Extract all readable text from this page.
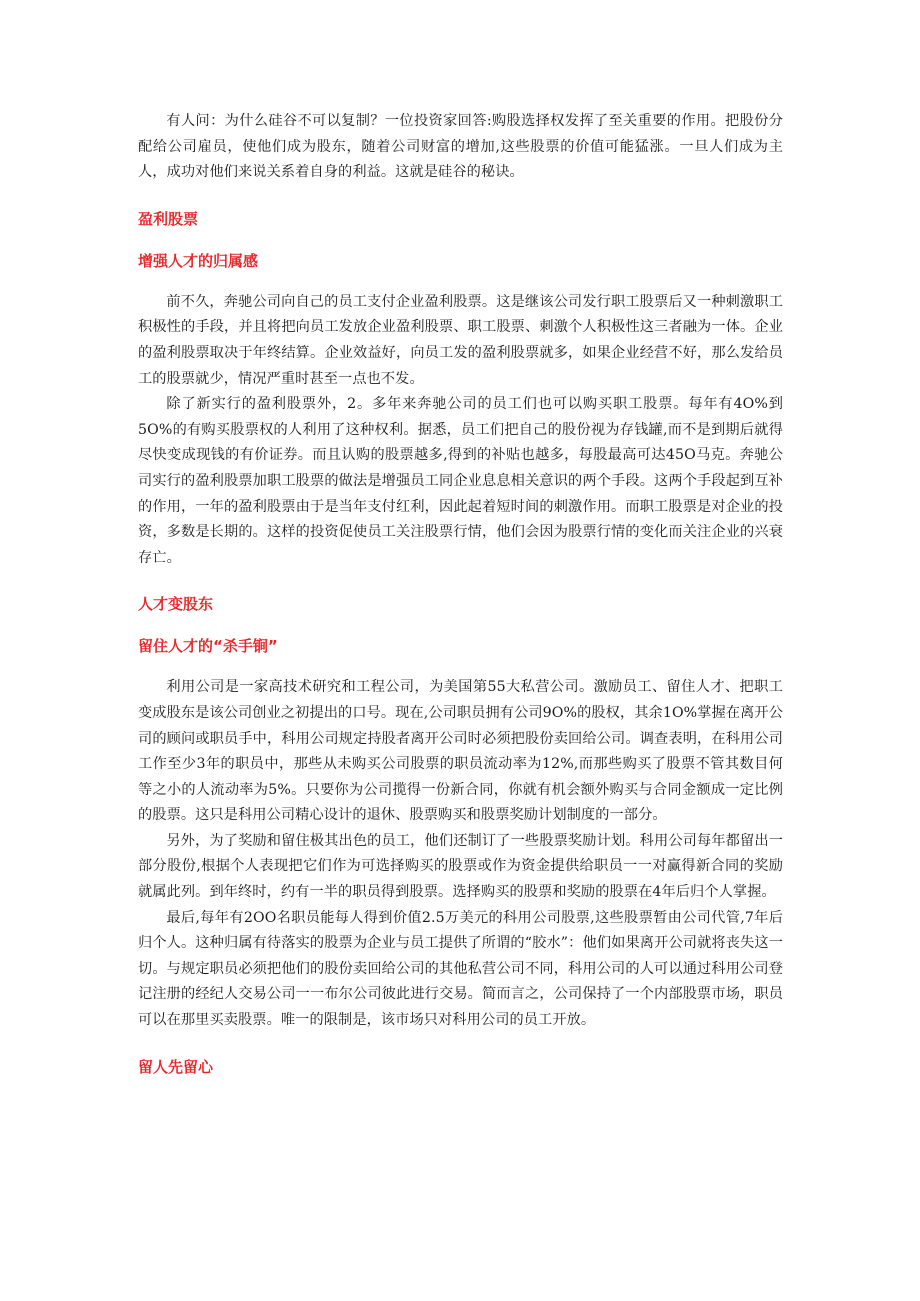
有人问：为什么硅谷不可以复制？一位投资家回答:购股选择权发挥了至关重要的作用。把股份分配给公司雇员，使他们成为股东，随着公司财富的增加,这些股票的价值可能猛涨。一旦人们成为主人，成功对他们来说关系着自身的利益。这就是硅谷的秘诀。

盈利股票
增强人才的归属感

前不久，奔驰公司向自己的员工支付企业盈利股票。这是继该公司发行职工股票后又一种刺激职工积极性的手段，并且将把向员工发放企业盈利股票、职工股票、刺激个人积极性这三者融为一体。企业的盈利股票取决于年终结算。企业效益好，向员工发的盈利股票就多，如果企业经营不好，那么发给员工的股票就少，情况严重时甚至一点也不发。

除了新实行的盈利股票外，2。多年来奔驰公司的员工们也可以购买职工股票。每年有4O%到5O%的有购买股票权的人利用了这种权利。据悉，员工们把自己的股份视为存钱罐,而不是到期后就得尽快变成现钱的有价证券。而且认购的股票越多,得到的补贴也越多，每股最高可达45O马克。奔驰公司实行的盈利股票加职工股票的做法是增强员工同企业息息相关意识的两个手段。这两个手段起到互补的作用，一年的盈利股票由于是当年支付红利，因此起着短时间的刺激作用。而职工股票是对企业的投资，多数是长期的。这样的投资促使员工关注股票行情，他们会因为股票行情的变化而关注企业的兴衰存亡。

人才变股东
留住人才的“杀手锏”

利用公司是一家高技术研究和工程公司，为美国第55大私营公司。激励员工、留住人才、把职工变成股东是该公司创业之初提出的口号。现在,公司职员拥有公司9O%的股权，其余1O%掌握在离开公司的顾问或职员手中，科用公司规定持股者离开公司时必须把股份卖回给公司。调查表明，在科用公司工作至少3年的职员中，那些从未购买公司股票的职员流动率为12%,而那些购买了股票不管其数目何等之小的人流动率为5%。只要你为公司揽得一份新合同，你就有机会额外购买与合同金额成一定比例的股票。这只是科用公司精心设计的退休、股票购买和股票奖励计划制度的一部分。

另外，为了奖励和留住极其出色的员工，他们还制订了一些股票奖励计划。科用公司每年都留出一部分股份,根据个人表现把它们作为可选择购买的股票或作为资金提供给职员一一对赢得新合同的奖励就属此列。到年终时，约有一半的职员得到股票。选择购买的股票和奖励的股票在4年后归个人掌握。

最后,每年有2OO名职员能每人得到价值2.5万美元的科用公司股票,这些股票暂由公司代管,7年后归个人。这种归属有待落实的股票为企业与员工提供了所谓的“胶水”：他们如果离开公司就将丧失这一切。与规定职员必须把他们的股份卖回给公司的其他私营公司不同，科用公司的人可以通过科用公司登记注册的经纪人交易公司一一布尔公司彼此进行交易。简而言之，公司保持了一个内部股票市场，职员可以在那里买卖股票。唯一的限制是，该市场只对科用公司的员工开放。

留人先留心
